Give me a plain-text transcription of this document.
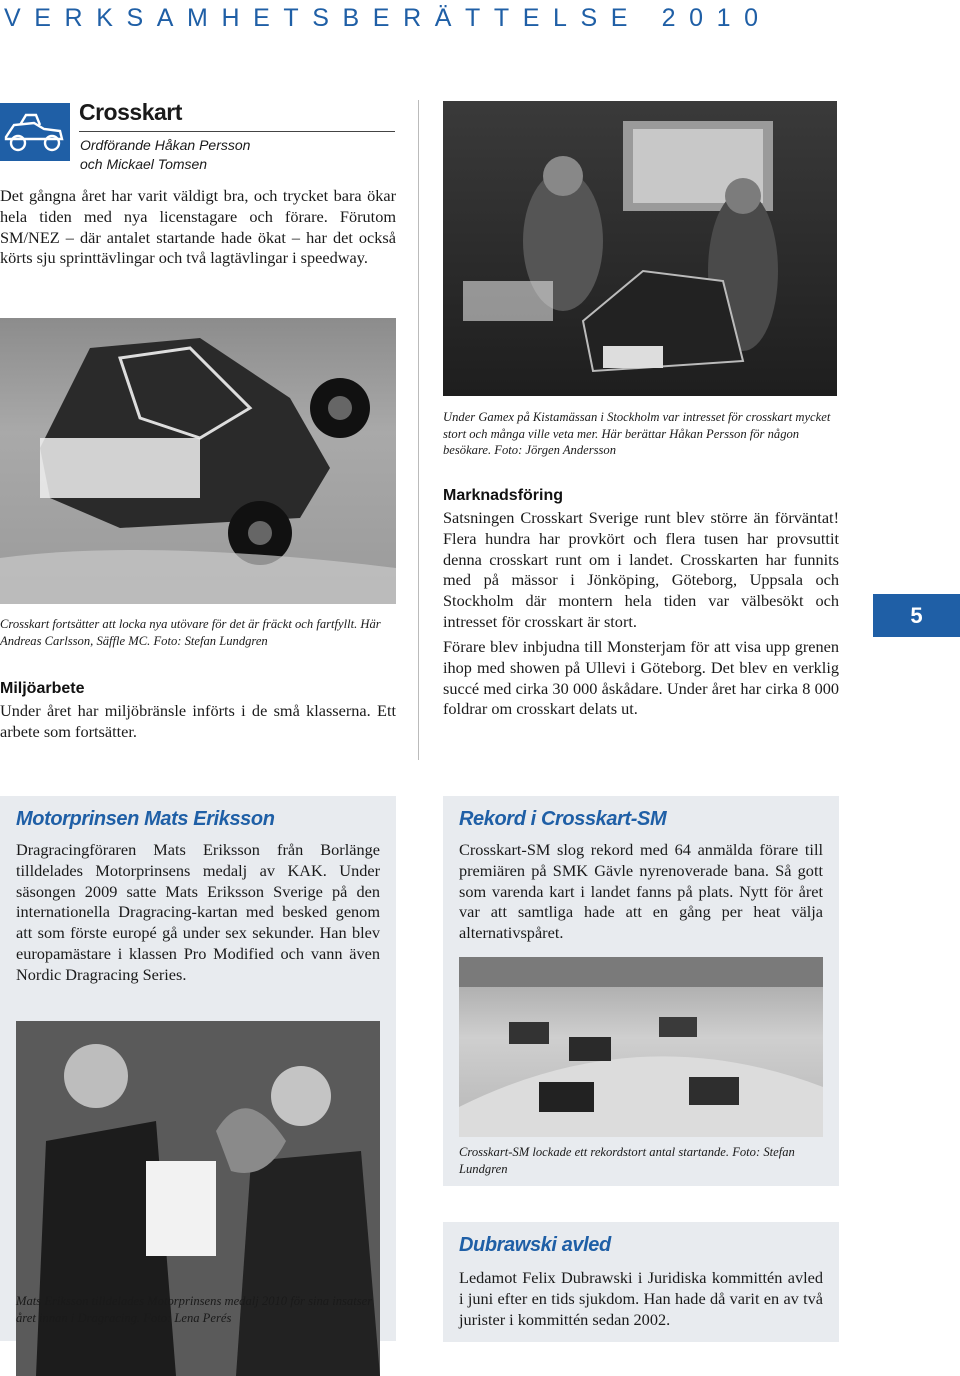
VERKSAMHETSBERÄTTELSE 2010
Crosskart
Ordförande Håkan Persson
och Mickael Tomsen
Det gångna året har varit väldigt bra, och trycket bara ökar hela tiden med nya licenstagare och förare. Förutom SM/NEZ – där antalet startande hade ökat – har det också körts sju sprinttävlingar och två lagtävlingar i speedway.
Crosskart fortsätter att locka nya utövare för det är fräckt och fartfyllt. Här Andreas Carlsson, Säffle MC. Foto: Stefan Lundgren
Miljöarbete
Under året har miljöbränsle införts i de små klasserna. Ett arbete som fortsätter.
Under Gamex på Kistamässan i Stockholm var intresset för crosskart mycket stort och många ville veta mer. Här berättar Håkan Persson för någon besökare. Foto: Jörgen Andersson
Marknadsföring
Satsningen Crosskart Sverige runt blev större än förväntat! Flera hundra har provkört och flera tusen har provsuttit denna crosskart runt om i landet. Crosskarten har funnits med på mässor i Jönköping, Göteborg, Uppsala och Stockholm där montern hela tiden var välbesökt och intresset för crosskart är stort.
Förare blev inbjudna till Monsterjam för att visa upp grenen ihop med showen på Ullevi i Göteborg. Det blev en verklig succé med cirka 30 000 åskådare. Under året har cirka 8 000 foldrar om crosskart delats ut.
5
Motorprinsen Mats Eriksson
Dragracingföraren Mats Eriksson från Borlänge tilldelades Motorprinsens medalj av KAK. Under säsongen 2009 satte Mats Eriksson Sverige på den internationella Dragracing-kartan med besked genom att som förste europé gå under sex sekunder. Han blev europamästare i klassen Pro Modified och vann även Nordic Dragracing Series.
Mats Eriksson tilldelades Motorprinsens medalj 2010 för sina insatser året innan i Dragracing. Foto: Lena Perés
Rekord i Crosskart-SM
Crosskart-SM slog rekord med 64 anmälda förare till premiären på SMK Gävle nyrenoverade bana. Så gott som varenda kart i landet fanns på plats. Nytt för året var att samtliga hade att en gång per heat välja alternativspåret.
Crosskart-SM lockade ett rekordstort antal startande. Foto: Stefan Lundgren
Dubrawski avled
Ledamot Felix Dubrawski i Juridiska kommittén avled i juni efter en tids sjukdom. Han hade då varit en av två jurister i kommittén sedan 2002.
